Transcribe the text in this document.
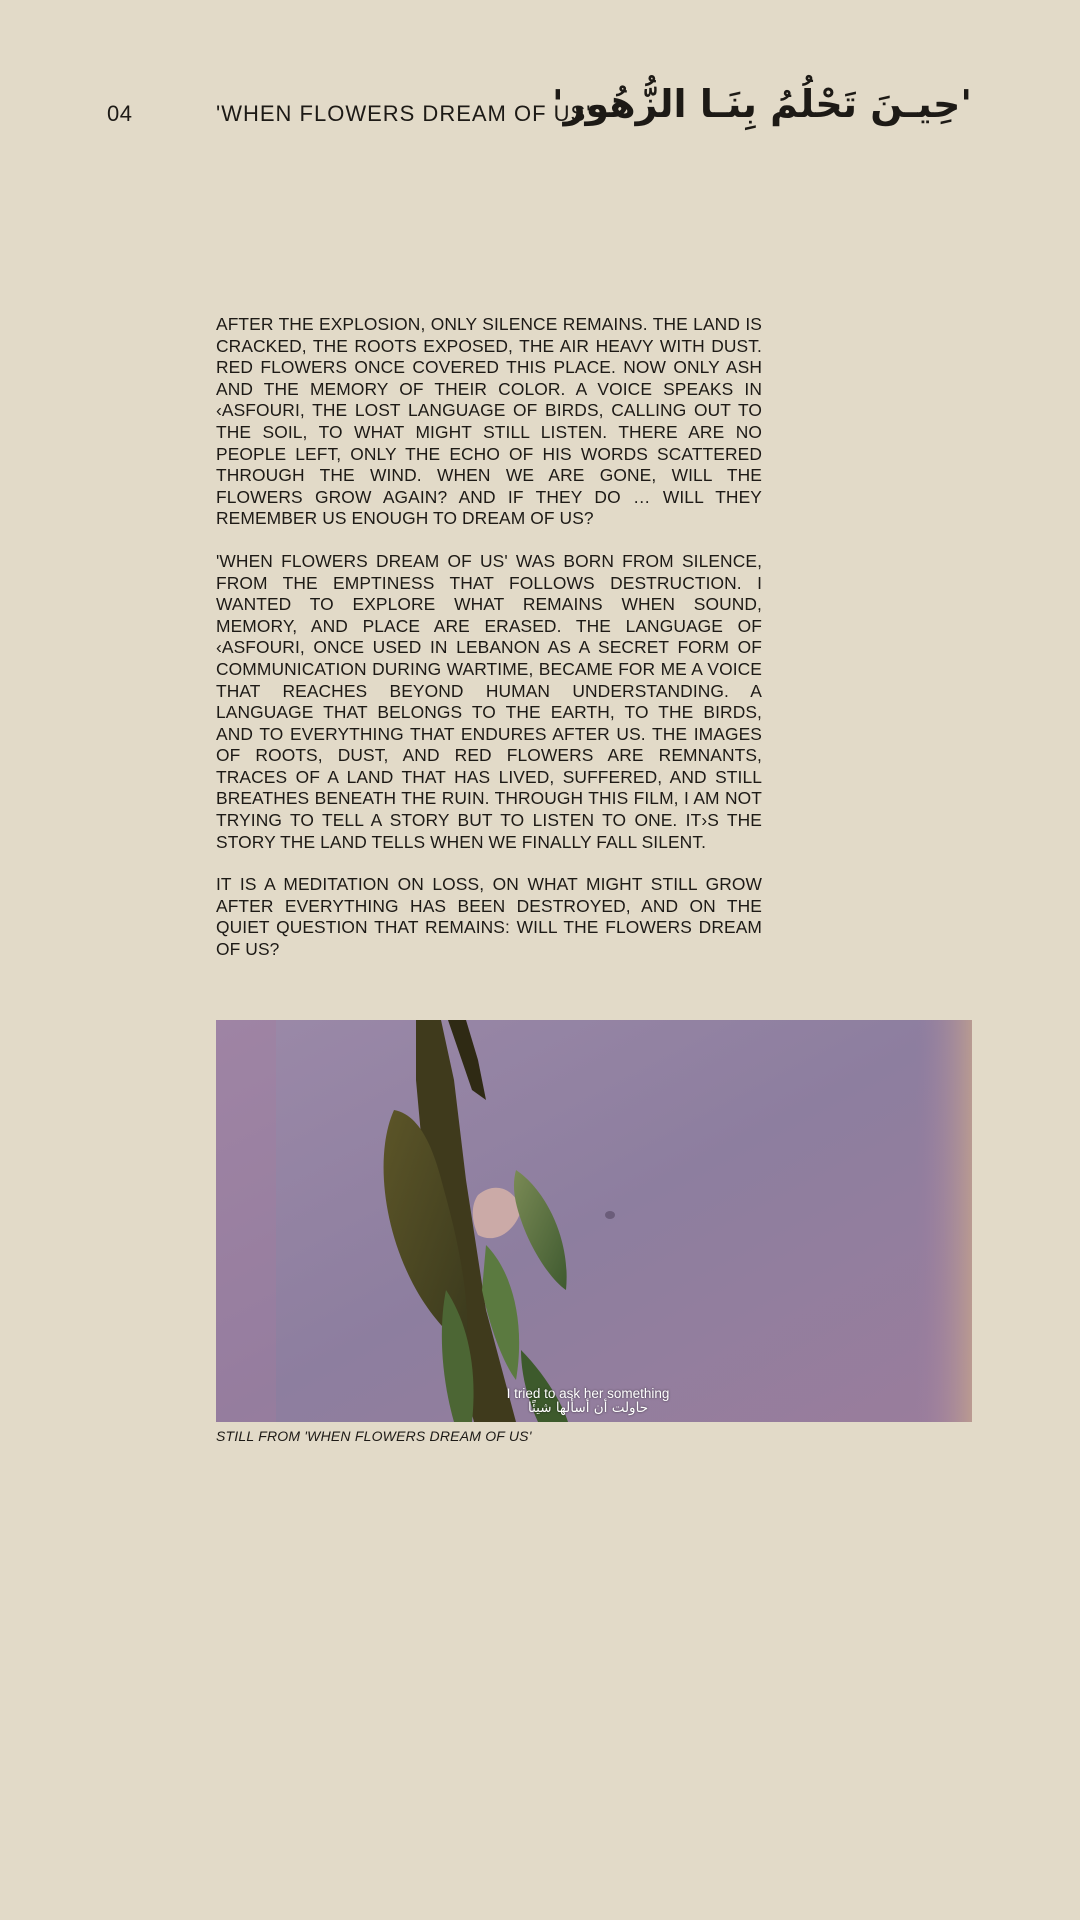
04	'WHEN FLOWERS DREAM OF US'
'حِيـنَ تَحْلُمُ بِنَـا الزُّهُور'

AFTER THE EXPLOSION, ONLY SILENCE REMAINS. THE LAND IS CRACKED, THE ROOTS EXPOSED, THE AIR HEAVY WITH DUST. RED FLOWERS ONCE COVERED THIS PLACE. NOW ONLY ASH AND THE MEMORY OF THEIR COLOR. A VOICE SPEAKS IN ‹ASFOURI, THE LOST LANGUAGE OF BIRDS, CALLING OUT TO THE SOIL, TO WHAT MIGHT STILL LISTEN. THERE ARE NO PEOPLE LEFT, ONLY THE ECHO OF HIS WORDS SCATTERED THROUGH THE WIND. WHEN WE ARE GONE, WILL THE FLOWERS GROW AGAIN? AND IF THEY DO … WILL THEY REMEMBER US ENOUGH TO DREAM OF US?

'WHEN FLOWERS DREAM OF US' WAS BORN FROM SILENCE, FROM THE EMPTINESS THAT FOLLOWS DESTRUCTION. I WANTED TO EXPLORE WHAT REMAINS WHEN SOUND, MEMORY, AND PLACE ARE ERASED. THE LANGUAGE OF ‹ASFOURI, ONCE USED IN LEBANON AS A SECRET FORM OF COMMUNICATION DURING WARTIME, BECAME FOR ME A VOICE THAT REACHES BEYOND HUMAN UNDERSTANDING. A LANGUAGE THAT BELONGS TO THE EARTH, TO THE BIRDS, AND TO EVERYTHING THAT ENDURES AFTER US. THE IMAGES OF ROOTS, DUST, AND RED FLOWERS ARE REMNANTS, TRACES OF A LAND THAT HAS LIVED, SUFFERED, AND STILL BREATHES BENEATH THE RUIN. THROUGH THIS FILM, I AM NOT TRYING TO TELL A STORY BUT TO LISTEN TO ONE. IT›S THE STORY THE LAND TELLS WHEN WE FINALLY FALL SILENT.

IT IS A MEDITATION ON LOSS, ON WHAT MIGHT STILL GROW AFTER EVERYTHING HAS BEEN DESTROYED, AND ON THE QUIET QUESTION THAT REMAINS: WILL THE FLOWERS DREAM OF US?

I tried to ask her something
حاولت أن أسألها شيئًا

STILL FROM 'WHEN FLOWERS DREAM OF US'
